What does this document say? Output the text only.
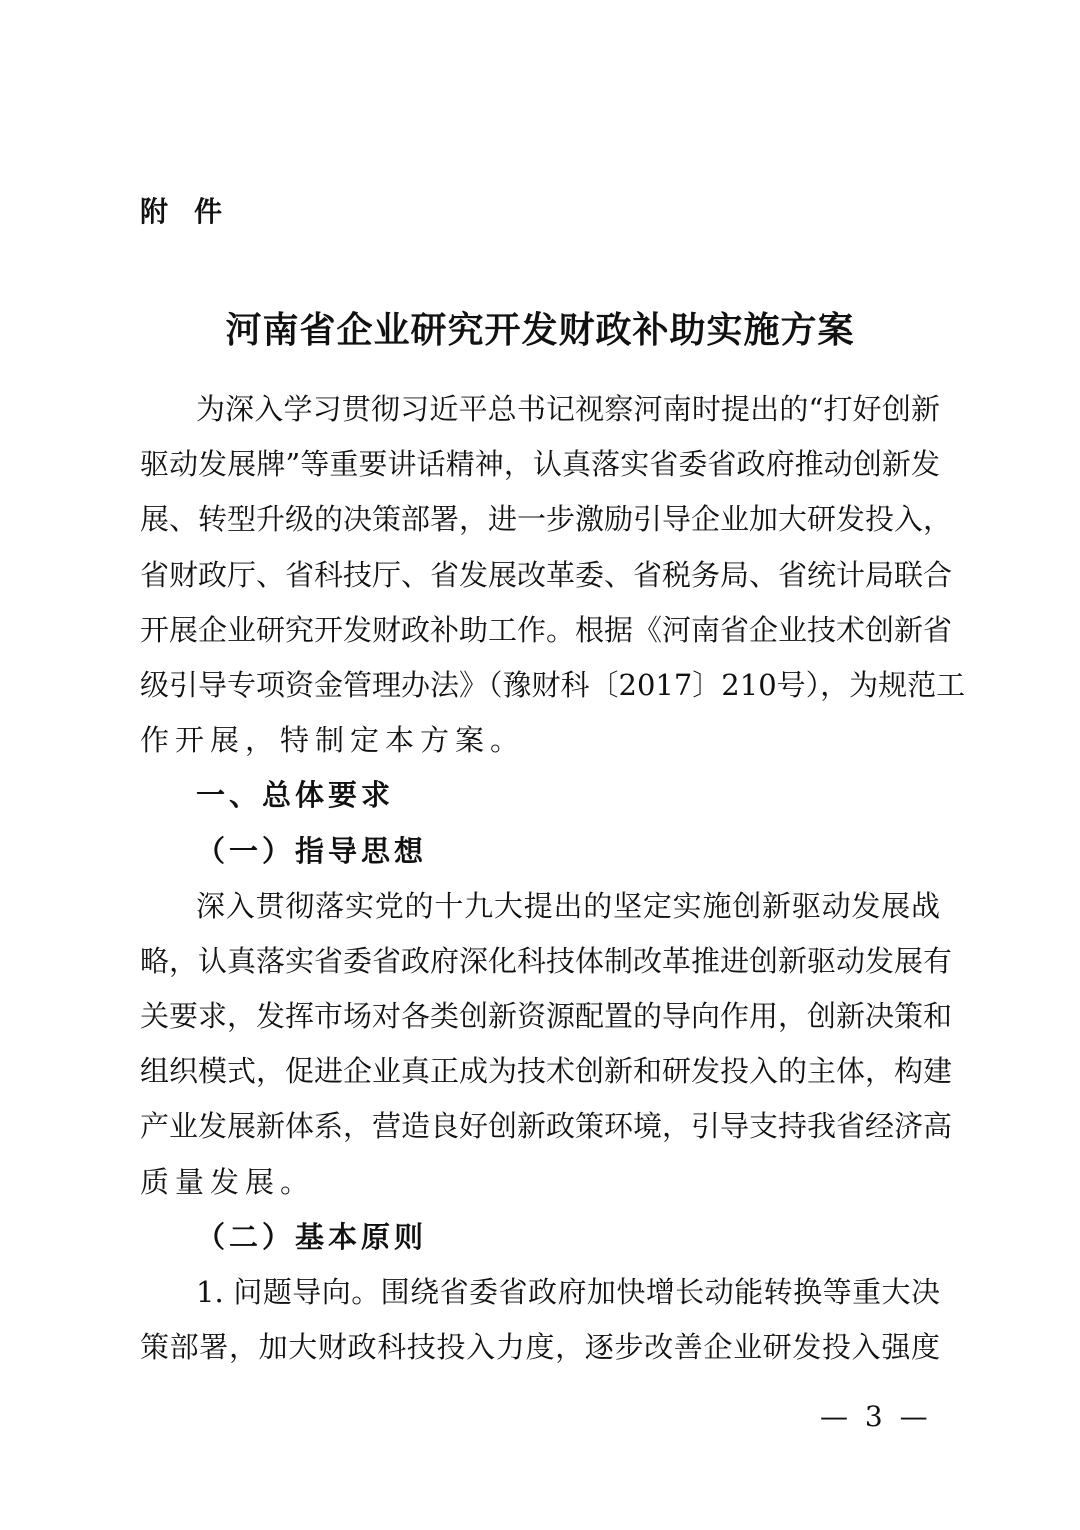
附件
河南省企业研究开发财政补助实施方案
为深入学习贯彻习近平总书记视察河南时提出的“打好创新
驱动发展牌”等重要讲话精神，认真落实省委省政府推动创新发
展、转型升级的决策部署，进一步激励引导企业加大研发投入，
省财政厅、省科技厅、省发展改革委、省税务局、省统计局联合
开展企业研究开发财政补助工作。根据《河南省企业技术创新省
级引导专项资金管理办法》（豫财科〔2017〕210号），为规范工
作开展，特制定本方案。
一、总体要求
（一）指导思想
深入贯彻落实党的十九大提出的坚定实施创新驱动发展战
略，认真落实省委省政府深化科技体制改革推进创新驱动发展有
关要求，发挥市场对各类创新资源配置的导向作用，创新决策和
组织模式，促进企业真正成为技术创新和研发投入的主体，构建
产业发展新体系，营造良好创新政策环境，引导支持我省经济高
质量发展。
（二）基本原则
1. 问题导向。围绕省委省政府加快增长动能转换等重大决
策部署，加大财政科技投入力度，逐步改善企业研发投入强度
— 3 —
